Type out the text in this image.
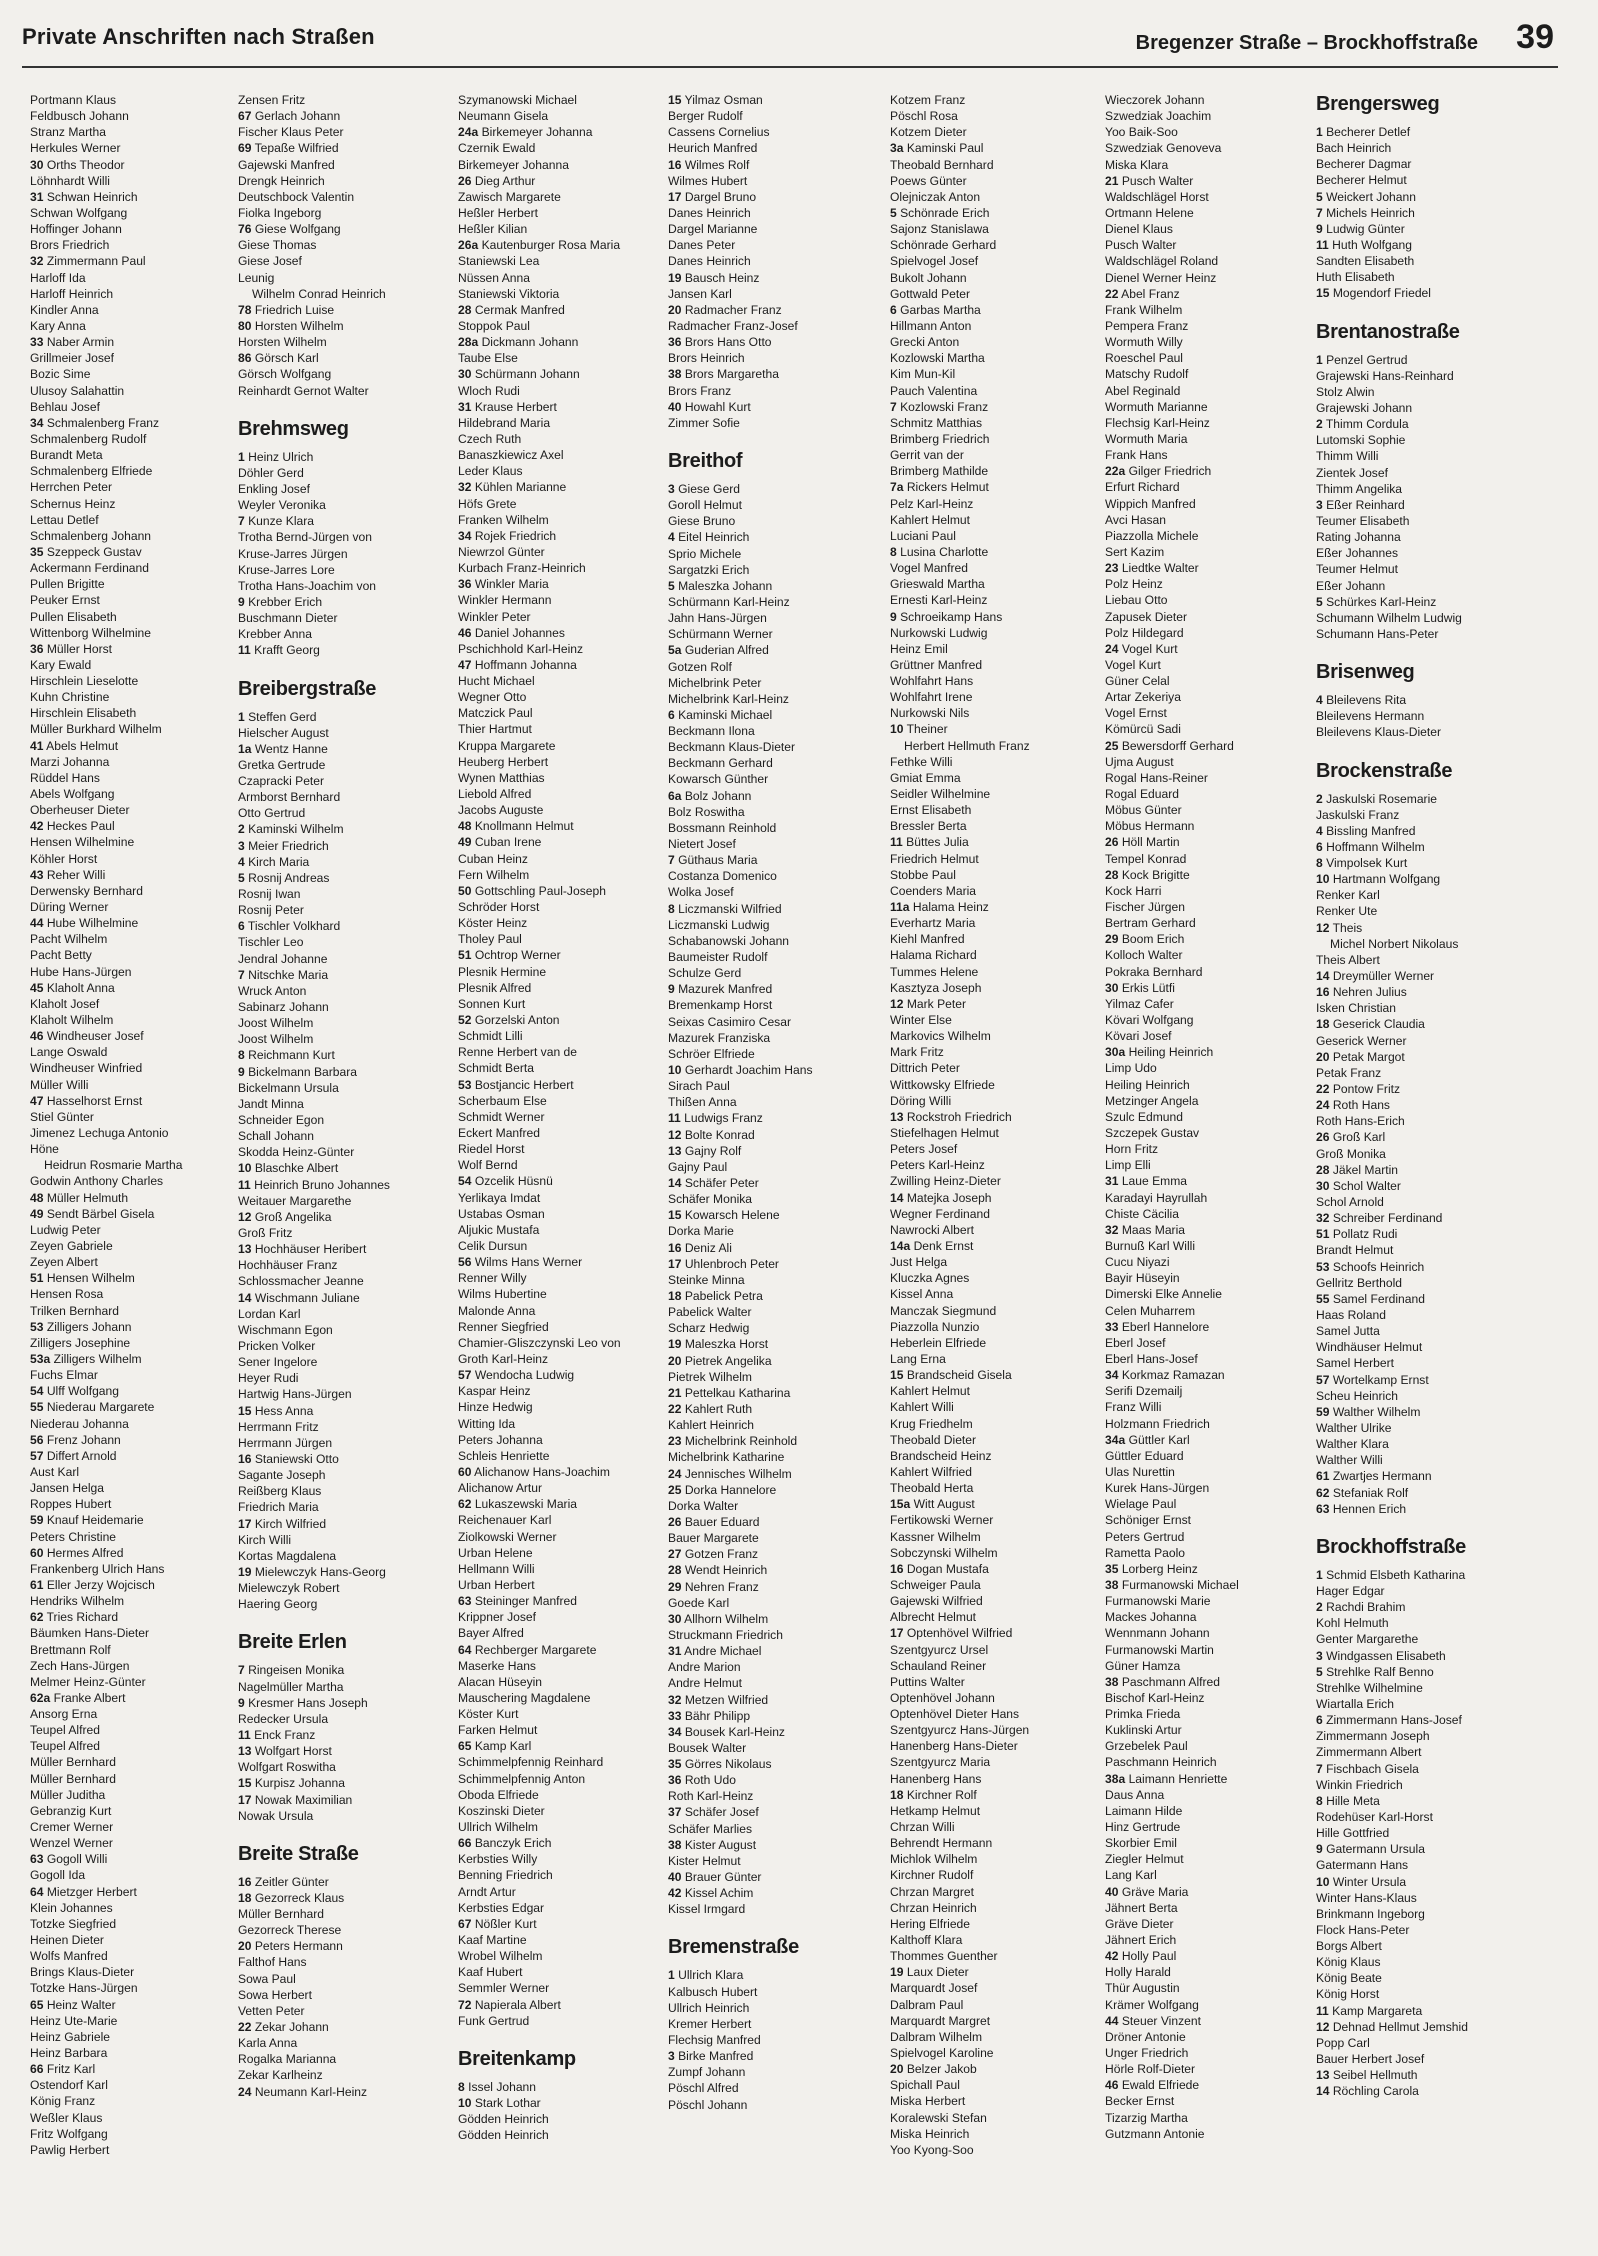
Private Anschriften nach Straßen	Bregenzer Straße – Brockhoffstraße 39
Portmann Klaus
Feldbusch Johann
Stranz Martha
Herkules Werner
30 Orths Theodor
Löhnhardt Willi
31 Schwan Heinrich
Schwan Wolfgang
Hoffinger Johann
Brors Friedrich
32 Zimmermann Paul
Harloff Ida
Harloff Heinrich
Kindler Anna
Kary Anna
33 Naber Armin
Grillmeier Josef
Bozic Sime
Ulusoy Salahattin
Behlau Josef
34 Schmalenberg Franz
Schmalenberg Rudolf
Burandt Meta
Schmalenberg Elfriede
Herrchen Peter
Schernus Heinz
Lettau Detlef
Schmalenberg Johann
35 Szeppeck Gustav
Ackermann Ferdinand
Pullen Brigitte
Peuker Ernst
Pullen Elisabeth
Wittenborg Wilhelmine
36 Müller Horst
Kary Ewald
Hirschlein Lieselotte
Kuhn Christine
Hirschlein Elisabeth
Müller Burkhard Wilhelm
41 Abels Helmut
Marzi Johanna
Rüddel Hans
Abels Wolfgang
Oberheuser Dieter
42 Heckes Paul
Hensen Wilhelmine
Köhler Horst
43 Reher Willi
Derwensky Bernhard
Düring Werner
44 Hube Wilhelmine
Pacht Wilhelm
Pacht Betty
Hube Hans-Jürgen
45 Klaholt Anna
Klaholt Josef
Klaholt Wilhelm
46 Windheuser Josef
Lange Oswald
Windheuser Winfried
Müller Willi
47 Hasselhorst Ernst
Stiel Günter
Jimenez Lechuga Antonio
Höne
Heidrun Rosmarie Martha
Godwin Anthony Charles
48 Müller Helmuth
49 Sendt Bärbel Gisela
Ludwig Peter
Zeyen Gabriele
Zeyen Albert
51 Hensen Wilhelm
Hensen Rosa
Trilken Bernhard
53 Zilligers Johann
Zilligers Josephine
53a Zilligers Wilhelm
Fuchs Elmar
54 Ulff Wolfgang
55 Niederau Margarete
Niederau Johanna
56 Frenz Johann
57 Differt Arnold
Aust Karl
Jansen Helga
Roppes Hubert
59 Knauf Heidemarie
Peters Christine
60 Hermes Alfred
Frankenberg Ulrich Hans
61 Eller Jerzy Wojcisch
Hendriks Wilhelm
62 Tries Richard
Bäumken Hans-Dieter
Brettmann Rolf
Zech Hans-Jürgen
Melmer Heinz-Günter
62a Franke Albert
Ansorg Erna
Teupel Alfred
Teupel Alfred
Müller Bernhard
Müller Bernhard
Müller Juditha
Gebranzig Kurt
Cremer Werner
Wenzel Werner
63 Gogoll Willi
Gogoll Ida
64 Mietzger Herbert
Klein Johannes
Totzke Siegfried
Heinen Dieter
Wolfs Manfred
Brings Klaus-Dieter
Totzke Hans-Jürgen
65 Heinz Walter
Heinz Ute-Marie
Heinz Gabriele
Heinz Barbara
66 Fritz Karl
Ostendorf Karl
König Franz
Weßler Klaus
Fritz Wolfgang
Pawlig Herbert
Zensen Fritz
67 Gerlach Johann
Fischer Klaus Peter
69 Tepaße Wilfried
Gajewski Manfred
Drengk Heinrich
Deutschbock Valentin
Fiolka Ingeborg
76 Giese Wolfgang
Giese Thomas
Giese Josef
Leunig
Wilhelm Conrad Heinrich
78 Friedrich Luise
80 Horsten Wilhelm
Horsten Wilhelm
86 Görsch Karl
Görsch Wolfgang
Reinhardt Gernot Walter
Brehmsweg
1 Heinz Ulrich
Döhler Gerd
Enkling Josef
Weyler Veronika
7 Kunze Klara
Trotha Bernd-Jürgen von
Kruse-Jarres Jürgen
Kruse-Jarres Lore
Trotha Hans-Joachim von
9 Krebber Erich
Buschmann Dieter
Krebber Anna
11 Krafft Georg
Breibergstraße
1 Steffen Gerd
Hielscher August
1a Wentz Hanne
Gretka Gertrude
Czapracki Peter
Armborst Bernhard
Otto Gertrud
2 Kaminski Wilhelm
3 Meier Friedrich
4 Kirch Maria
5 Rosnij Andreas
Rosnij Iwan
Rosnij Peter
6 Tischler Volkhard
Tischler Leo
Jendral Johanne
7 Nitschke Maria
Wruck Anton
Sabinarz Johann
Joost Wilhelm
Joost Wilhelm
8 Reichmann Kurt
9 Bickelmann Barbara
Bickelmann Ursula
Jandt Minna
Schneider Egon
Schall Johann
Skodda Heinz-Günter
10 Blaschke Albert
11 Heinrich Bruno Johannes
Weitauer Margarethe
12 Groß Angelika
Groß Fritz
13 Hochhäuser Heribert
Hochhäuser Franz
Schlossmacher Jeanne
14 Wischmann Juliane
Lordan Karl
Wischmann Egon
Pricken Volker
Sener Ingelore
Heyer Rudi
Hartwig Hans-Jürgen
15 Hess Anna
Herrmann Fritz
Herrmann Jürgen
16 Staniewski Otto
Sagante Joseph
Reißberg Klaus
Friedrich Maria
17 Kirch Wilfried
Kirch Willi
Kortas Magdalena
19 Mielewczyk Hans-Georg
Mielewczyk Robert
Haering Georg
Breite Erlen
7 Ringeisen Monika
Nagelmüller Martha
9 Kresmer Hans Joseph
Redecker Ursula
11 Enck Franz
13 Wolfgart Horst
Wolfgart Roswitha
15 Kurpisz Johanna
17 Nowak Maximilian
Nowak Ursula
Breite Straße
16 Zeitler Günter
18 Gezorreck Klaus
Müller Bernhard
Gezorreck Therese
20 Peters Hermann
Falthof Hans
Sowa Paul
Sowa Herbert
Vetten Peter
22 Zekar Johann
Karla Anna
Rogalka Marianna
Zekar Karlheinz
24 Neumann Karl-Heinz
Szymanowski Michael
Neumann Gisela
24a Birkemeyer Johanna
Czernik Ewald
Birkemeyer Johanna
26 Dieg Arthur
Zawisch Margarete
Heßler Herbert
Heßler Kilian
26a Kautenburger Rosa Maria
Staniewski Lea
Nüssen Anna
Staniewski Viktoria
28 Cermak Manfred
Stoppok Paul
28a Dickmann Johann
Taube Else
30 Schürmann Johann
Wloch Rudi
31 Krause Herbert
Hildebrand Maria
Czech Ruth
Banaszkiewicz Axel
Leder Klaus
32 Kühlen Marianne
Höfs Grete
Franken Wilhelm
34 Rojek Friedrich
Niewrzol Günter
Kurbach Franz-Heinrich
36 Winkler Maria
Winkler Hermann
Winkler Peter
46 Daniel Johannes
Pschichhold Karl-Heinz
47 Hoffmann Johanna
Hucht Michael
Wegner Otto
Matczick Paul
Thier Hartmut
Kruppa Margarete
Heuberg Herbert
Wynen Matthias
Liebold Alfred
Jacobs Auguste
48 Knollmann Helmut
49 Cuban Irene
Cuban Heinz
Fern Wilhelm
50 Gottschling Paul-Joseph
Schröder Horst
Köster Heinz
Tholey Paul
51 Ochtrop Werner
Plesnik Hermine
Plesnik Alfred
Sonnen Kurt
52 Gorzelski Anton
Schmidt Lilli
Renne Herbert van de
Schmidt Berta
53 Bostjancic Herbert
Scherbaum Else
Schmidt Werner
Eckert Manfred
Riedel Horst
Wolf Bernd
54 Ozcelik Hüsnü
Yerlikaya Imdat
Ustabas Osman
Aljukic Mustafa
Celik Dursun
56 Wilms Hans Werner
Renner Willy
Wilms Hubertine
Malonde Anna
Renner Siegfried
Chamier-Gliszczynski Leo von
Groth Karl-Heinz
57 Wendocha Ludwig
Kaspar Heinz
Hinze Hedwig
Witting Ida
Peters Johanna
Schleis Henriette
60 Alichanow Hans-Joachim
Alichanow Artur
62 Lukaszewski Maria
Reichenauer Karl
Ziolkowski Werner
Urban Helene
Hellmann Willi
Urban Herbert
63 Steininger Manfred
Krippner Josef
Bayer Alfred
64 Rechberger Margarete
Maserke Hans
Alacan Hüseyin
Mauschering Magdalene
Köster Kurt
Farken Helmut
65 Kamp Karl
Schimmelpfennig Reinhard
Schimmelpfennig Anton
Oboda Elfriede
Koszinski Dieter
Ullrich Wilhelm
66 Banczyk Erich
Kerbsties Willy
Benning Friedrich
Arndt Artur
Kerbsties Edgar
67 Nößler Kurt
Kaaf Martine
Wrobel Wilhelm
Kaaf Hubert
Semmler Werner
72 Napierala Albert
Funk Gertrud
Breitenkamp
8 Issel Johann
10 Stark Lothar
Gödden Heinrich
Gödden Heinrich
15 Yilmaz Osman
Berger Rudolf
Cassens Cornelius
Heurich Manfred
16 Wilmes Rolf
Wilmes Hubert
17 Dargel Bruno
Danes Heinrich
Dargel Marianne
Danes Peter
Danes Heinrich
19 Bausch Heinz
Jansen Karl
20 Radmacher Franz
Radmacher Franz-Josef
36 Brors Hans Otto
Brors Heinrich
38 Brors Margaretha
Brors Franz
40 Howahl Kurt
Zimmer Sofie
Breithof
3 Giese Gerd
Goroll Helmut
Giese Bruno
4 Eitel Heinrich
Sprio Michele
Sargatzki Erich
5 Maleszka Johann
Schürmann Karl-Heinz
Jahn Hans-Jürgen
Schürmann Werner
5a Guderian Alfred
Gotzen Rolf
Michelbrink Peter
Michelbrink Karl-Heinz
6 Kaminski Michael
Beckmann Ilona
Beckmann Klaus-Dieter
Beckmann Gerhard
Kowarsch Günther
6a Bolz Johann
Bolz Roswitha
Bossmann Reinhold
Nietert Josef
7 Güthaus Maria
Costanza Domenico
Wolka Josef
8 Liczmanski Wilfried
Liczmanski Ludwig
Schabanowski Johann
Baumeister Rudolf
Schulze Gerd
9 Mazurek Manfred
Bremenkamp Horst
Seixas Casimiro Cesar
Mazurek Franziska
Schröer Elfriede
10 Gerhardt Joachim Hans
Sirach Paul
Thißen Anna
11 Ludwigs Franz
12 Bolte Konrad
13 Gajny Rolf
Gajny Paul
14 Schäfer Peter
Schäfer Monika
15 Kowarsch Helene
Dorka Marie
16 Deniz Ali
17 Uhlenbroch Peter
Steinke Minna
18 Pabelick Petra
Pabelick Walter
Scharz Hedwig
19 Maleszka Horst
20 Pietrek Angelika
Pietrek Wilhelm
21 Pettelkau Katharina
22 Kahlert Ruth
Kahlert Heinrich
23 Michelbrink Reinhold
Michelbrink Katharine
24 Jennisches Wilhelm
25 Dorka Hannelore
Dorka Walter
26 Bauer Eduard
Bauer Margarete
27 Gotzen Franz
28 Wendt Heinrich
29 Nehren Franz
Goede Karl
30 Allhorn Wilhelm
Struckmann Friedrich
31 Andre Michael
Andre Marion
Andre Helmut
32 Metzen Wilfried
33 Bähr Philipp
34 Bousek Karl-Heinz
Bousek Walter
35 Görres Nikolaus
36 Roth Udo
Roth Karl-Heinz
37 Schäfer Josef
Schäfer Marlies
38 Kister August
Kister Helmut
40 Brauer Günter
42 Kissel Achim
Kissel Irmgard
Bremenstraße
1 Ullrich Klara
Kalbusch Hubert
Ullrich Heinrich
Kremer Herbert
Flechsig Manfred
3 Birke Manfred
Zumpf Johann
Pöschl Alfred
Pöschl Johann
Kotzem Franz
Pöschl Rosa
Kotzem Dieter
3a Kaminski Paul
Theobald Bernhard
Poews Günter
Olejniczak Anton
5 Schönrade Erich
Sajonz Stanislawa
Schönrade Gerhard
Spielvogel Josef
Bukolt Johann
Gottwald Peter
6 Garbas Martha
Hillmann Anton
Grecki Anton
Kozlowski Martha
Kim Mun-Kil
Pauch Valentina
7 Kozlowski Franz
Schmitz Matthias
Brimberg Friedrich
Gerrit van der
Brimberg Mathilde
7a Rickers Helmut
Pelz Karl-Heinz
Kahlert Helmut
Luciani Paul
8 Lusina Charlotte
Vogel Manfred
Grieswald Martha
Ernesti Karl-Heinz
9 Schroeikamp Hans
Nurkowski Ludwig
Heinz Emil
Grüttner Manfred
Wohlfahrt Hans
Wohlfahrt Irene
Nurkowski Nils
10 Theiner
Herbert Hellmuth Franz
Fethke Willi
Gmiat Emma
Seidler Wilhelmine
Ernst Elisabeth
Bressler Berta
11 Büttes Julia
Friedrich Helmut
Stobbe Paul
Coenders Maria
11a Halama Heinz
Everhartz Maria
Kiehl Manfred
Halama Richard
Tummes Helene
Kasztyza Joseph
12 Mark Peter
Winter Else
Markovics Wilhelm
Mark Fritz
Dittrich Peter
Wittkowsky Elfriede
Döring Willi
13 Rockstroh Friedrich
Stiefelhagen Helmut
Peters Josef
Peters Karl-Heinz
Zwilling Heinz-Dieter
14 Matejka Joseph
Wegner Ferdinand
Nawrocki Albert
14a Denk Ernst
Just Helga
Kluczka Agnes
Kissel Anna
Manczak Siegmund
Piazzolla Nunzio
Heberlein Elfriede
Lang Erna
15 Brandscheid Gisela
Kahlert Helmut
Kahlert Willi
Krug Friedhelm
Theobald Dieter
Brandscheid Heinz
Kahlert Wilfried
Theobald Herta
15a Witt August
Fertikowski Werner
Kassner Wilhelm
Sobczynski Wilhelm
16 Dogan Mustafa
Schweiger Paula
Gajewski Wilfried
Albrecht Helmut
17 Optenhövel Wilfried
Szentgyurcz Ursel
Schauland Reiner
Puttins Walter
Optenhövel Johann
Optenhövel Dieter Hans
Szentgyurcz Hans-Jürgen
Hanenberg Hans-Dieter
Szentgyurcz Maria
Hanenberg Hans
18 Kirchner Rolf
Hetkamp Helmut
Chrzan Willi
Behrendt Hermann
Michlok Wilhelm
Kirchner Rudolf
Chrzan Margret
Chrzan Heinrich
Hering Elfriede
Kalthoff Klara
Thommes Guenther
19 Laux Dieter
Marquardt Josef
Dalbram Paul
Marquardt Margret
Dalbram Wilhelm
Spielvogel Karoline
20 Belzer Jakob
Spichall Paul
Miska Herbert
Koralewski Stefan
Miska Heinrich
Yoo Kyong-Soo
Wieczorek Johann
Szwedziak Joachim
Yoo Baik-Soo
Szwedziak Genoveva
Miska Klara
21 Pusch Walter
Waldschlägel Horst
Ortmann Helene
Dienel Klaus
Pusch Walter
Waldschlägel Roland
Dienel Werner Heinz
22 Abel Franz
Frank Wilhelm
Pempera Franz
Wormuth Willy
Roeschel Paul
Matschy Rudolf
Abel Reginald
Wormuth Marianne
Flechsig Karl-Heinz
Wormuth Maria
Frank Hans
22a Gilger Friedrich
Erfurt Richard
Wippich Manfred
Avci Hasan
Piazzolla Michele
Sert Kazim
23 Liedtke Walter
Polz Heinz
Liebau Otto
Zapusek Dieter
Polz Hildegard
24 Vogel Kurt
Vogel Kurt
Güner Celal
Artar Zekeriya
Vogel Ernst
Kömürcü Sadi
25 Bewersdorff Gerhard
Ujma August
Rogal Hans-Reiner
Rogal Eduard
Möbus Günter
Möbus Hermann
26 Höll Martin
Tempel Konrad
28 Kock Brigitte
Kock Harri
Fischer Jürgen
Bertram Gerhard
29 Boom Erich
Kolloch Walter
Pokraka Bernhard
30 Erkis Lütfi
Yilmaz Cafer
Kövari Wolfgang
Kövari Josef
30a Heiling Heinrich
Limp Udo
Heiling Heinrich
Metzinger Angela
Szulc Edmund
Szczepek Gustav
Horn Fritz
Limp Elli
31 Laue Emma
Karadayi Hayrullah
Chiste Cäcilia
32 Maas Maria
Burnuß Karl Willi
Cucu Niyazi
Bayir Hüseyin
Dimerski Elke Annelie
Celen Muharrem
33 Eberl Hannelore
Eberl Josef
Eberl Hans-Josef
34 Korkmaz Ramazan
Serifi Dzemailj
Franz Willi
Holzmann Friedrich
34a Güttler Karl
Güttler Eduard
Ulas Nurettin
Kurek Hans-Jürgen
Wielage Paul
Schöniger Ernst
Peters Gertrud
Rametta Paolo
35 Lorberg Heinz
38 Furmanowski Michael
Furmanowski Marie
Mackes Johanna
Wennmann Johann
Furmanowski Martin
Güner Hamza
38 Paschmann Alfred
Bischof Karl-Heinz
Primka Frieda
Kuklinski Artur
Grzebelek Paul
Paschmann Heinrich
38a Laimann Henriette
Daus Anna
Laimann Hilde
Hinz Gertrude
Skorbier Emil
Ziegler Helmut
Lang Karl
40 Gräve Maria
Jähnert Berta
Gräve Dieter
Jähnert Erich
42 Holly Paul
Holly Harald
Thür Augustin
Krämer Wolfgang
44 Steuer Vinzent
Dröner Antonie
Unger Friedrich
Hörle Rolf-Dieter
46 Ewald Elfriede
Becker Ernst
Tizarzig Martha
Gutzmann Antonie
Brengersweg
1 Becherer Detlef
Bach Heinrich
Becherer Dagmar
Becherer Helmut
5 Weickert Johann
7 Michels Heinrich
9 Ludwig Günter
11 Huth Wolfgang
Sandten Elisabeth
Huth Elisabeth
15 Mogendorf Friedel
Brentanostraße
1 Penzel Gertrud
Grajewski Hans-Reinhard
Stolz Alwin
Grajewski Johann
2 Thimm Cordula
Lutomski Sophie
Thimm Willi
Zientek Josef
Thimm Angelika
3 Eßer Reinhard
Teumer Elisabeth
Rating Johanna
Eßer Johannes
Teumer Helmut
Eßer Johann
5 Schürkes Karl-Heinz
Schumann Wilhelm Ludwig
Schumann Hans-Peter
Brisenweg
4 Bleilevens Rita
Bleilevens Hermann
Bleilevens Klaus-Dieter
Brockenstraße
2 Jaskulski Rosemarie
Jaskulski Franz
4 Bissling Manfred
6 Hoffmann Wilhelm
8 Vimpolsek Kurt
10 Hartmann Wolfgang
Renker Karl
Renker Ute
12 Theis
Michel Norbert Nikolaus
Theis Albert
14 Dreymüller Werner
16 Nehren Julius
Isken Christian
18 Geserick Claudia
Geserick Werner
20 Petak Margot
Petak Franz
22 Pontow Fritz
24 Roth Hans
Roth Hans-Erich
26 Groß Karl
Groß Monika
28 Jäkel Martin
30 Schol Walter
Schol Arnold
32 Schreiber Ferdinand
51 Pollatz Rudi
Brandt Helmut
53 Schoofs Heinrich
Gellritz Berthold
55 Samel Ferdinand
Haas Roland
Samel Jutta
Windhäuser Helmut
Samel Herbert
57 Wortelkamp Ernst
Scheu Heinrich
59 Walther Wilhelm
Walther Ulrike
Walther Klara
Walther Willi
61 Zwartjes Hermann
62 Stefaniak Rolf
63 Hennen Erich
Brockhoffstraße
1 Schmid Elsbeth Katharina
Hager Edgar
2 Rachdi Brahim
Kohl Helmuth
Genter Margarethe
3 Windgassen Elisabeth
5 Strehlke Ralf Benno
Strehlke Wilhelmine
Wiartalla Erich
6 Zimmermann Hans-Josef
Zimmermann Joseph
Zimmermann Albert
7 Fischbach Gisela
Winkin Friedrich
8 Hille Meta
Rodehüser Karl-Horst
Hille Gottfried
9 Gatermann Ursula
Gatermann Hans
10 Winter Ursula
Winter Hans-Klaus
Brinkmann Ingeborg
Flock Hans-Peter
Borgs Albert
König Klaus
König Beate
König Horst
11 Kamp Margareta
12 Dehnad Hellmut Jemshid
Popp Carl
Bauer Herbert Josef
13 Seibel Hellmuth
14 Röchling Carola
